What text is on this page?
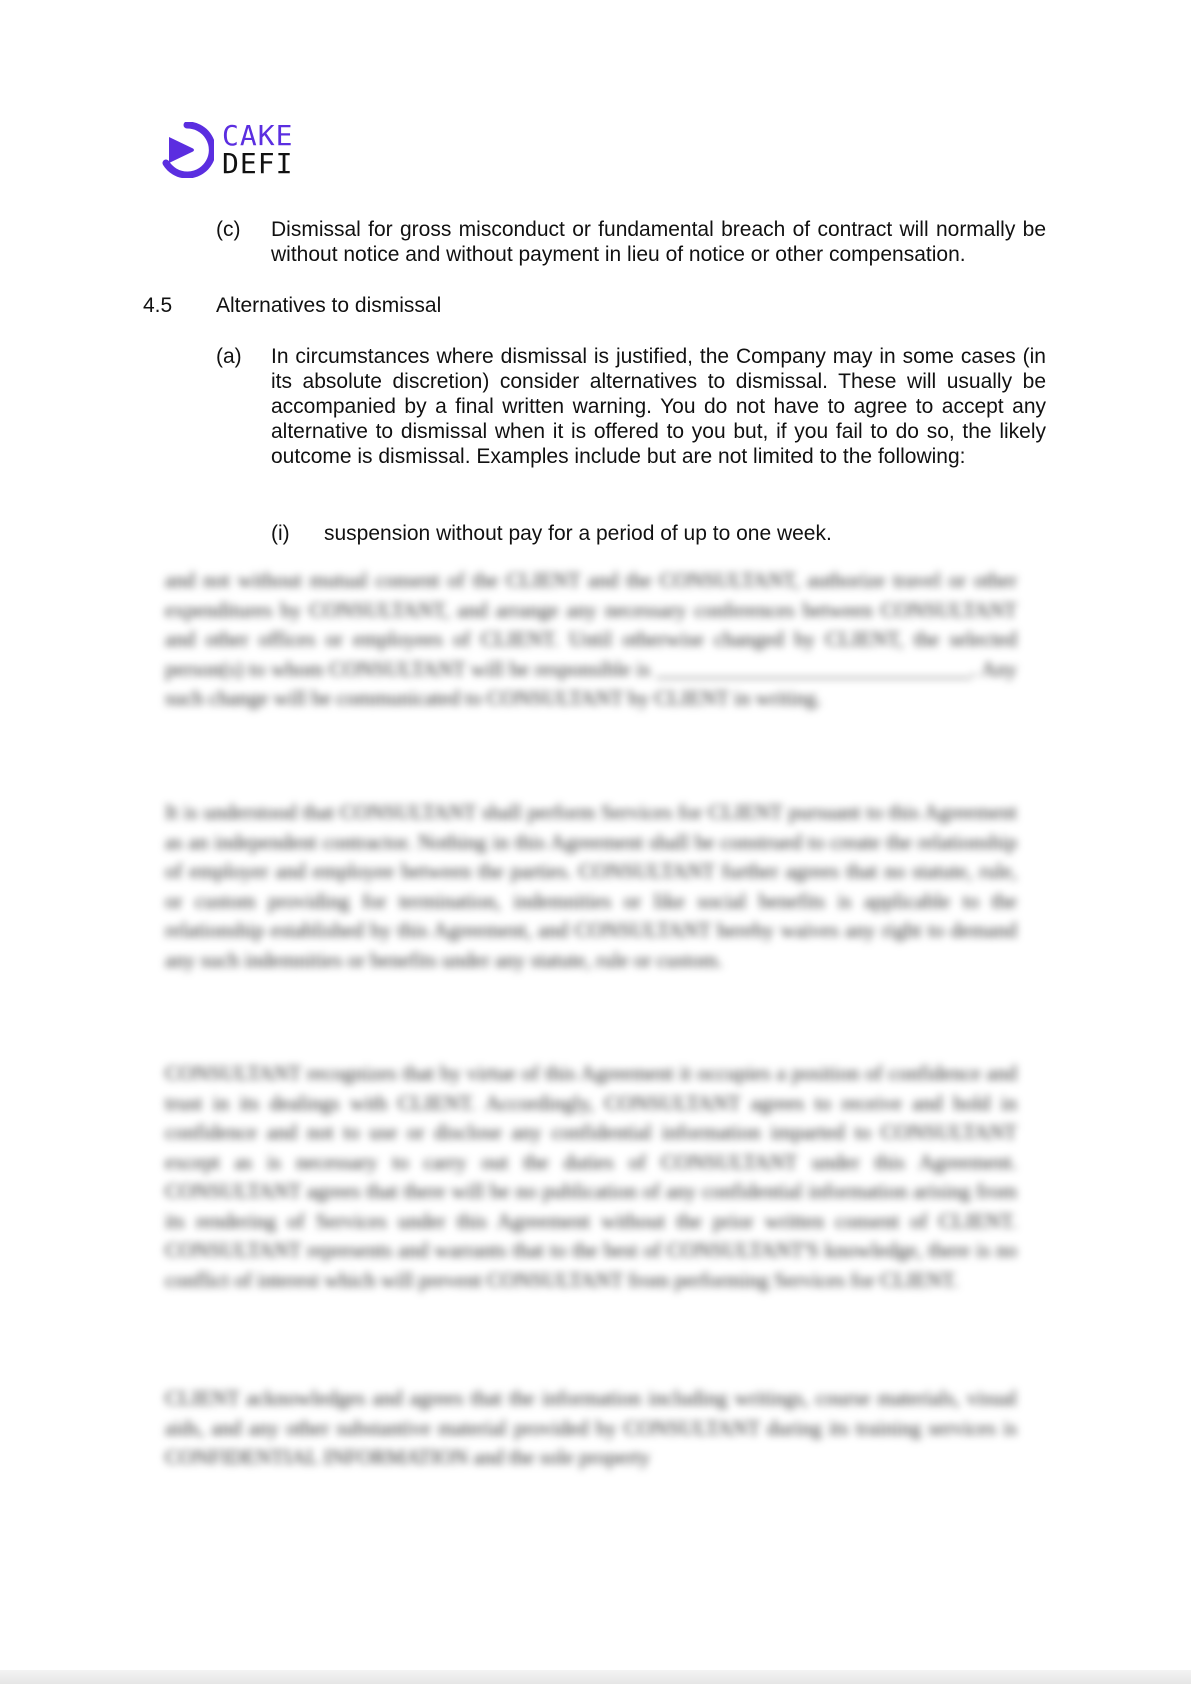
CAKE
DEFI
(c) Dismissal for gross misconduct or fundamental breach of contract will normally be without notice and without payment in lieu of notice or other compensation.
4.5 Alternatives to dismissal
(a) In circumstances where dismissal is justified, the Company may in some cases (in its absolute discretion) consider alternatives to dismissal. These will usually be accompanied by a final written warning. You do not have to agree to accept any alternative to dismissal when it is offered to you but, if you fail to do so, the likely outcome is dismissal. Examples include but are not limited to the following:
(i) suspension without pay for a period of up to one week.
and not without mutual consent of the CLIENT and the CONSULTANT, authorize travel or other expenditures by CONSULTANT, and arrange any necessary conferences between CONSULTANT and other offices or employees of CLIENT. Until otherwise changed by CLIENT, the selected person(s) to whom CONSULTANT will be responsible is ______________________________. Any such change will be communicated to CONSULTANT by CLIENT in writing.
It is understood that CONSULTANT shall perform Services for CLIENT pursuant to this Agreement as an independent contractor. Nothing in this Agreement shall be construed to create the relationship of employer and employee between the parties. CONSULTANT further agrees that no statute, rule, or custom providing for termination, indemnities or like social benefits is applicable to the relationship established by this Agreement, and CONSULTANT hereby waives any right to demand any such indemnities or benefits under any statute, rule or custom.
CONSULTANT recognizes that by virtue of this Agreement it occupies a position of confidence and trust in its dealings with CLIENT. Accordingly, CONSULTANT agrees to receive and hold in confidence and not to use or disclose any confidential information imparted to CONSULTANT except as is necessary to carry out the duties of CONSULTANT under this Agreement. CONSULTANT agrees that there will be no publication of any confidential information arising from its rendering of Services under this Agreement without the prior written consent of CLIENT. CONSULTANT represents and warrants that to the best of CONSULTANT'S knowledge, there is no conflict of interest which will prevent CONSULTANT from performing Services for CLIENT.
CLIENT acknowledges and agrees that the information including writings, course materials, visual aids, and any other substantive material provided by CONSULTANT during its training services is CONFIDENTIAL INFORMATION and the sole property
